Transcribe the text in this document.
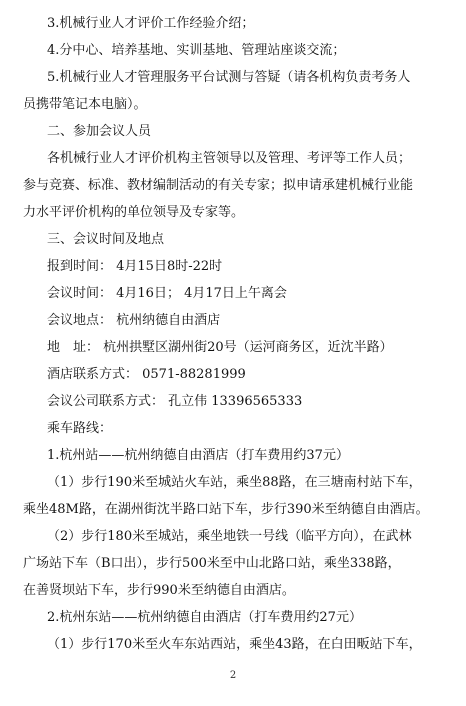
3.机械行业人才评价工作经验介绍；
4.分中心、培养基地、实训基地、管理站座谈交流；
5.机械行业人才管理服务平台试测与答疑（请各机构负责考务人
员携带笔记本电脑）。
二、参加会议人员
各机械行业人才评价机构主管领导以及管理、考评等工作人员；
参与竞赛、标准、教材编制活动的有关专家；拟申请承建机械行业能
力水平评价机构的单位领导及专家等。
三、会议时间及地点
报到时间： 4月15日8时-22时
会议时间： 4月16日； 4月17日上午离会
会议地点： 杭州纳德自由酒店
地　址： 杭州拱墅区湖州街20号（运河商务区，近沈半路）
酒店联系方式： 0571-88281999
会议公司联系方式： 孔立伟 13396565333
乘车路线：
1.杭州站——杭州纳德自由酒店（打车费用约37元）
（1）步行190米至城站火车站，乘坐88路，在三塘南村站下车，
乘坐48M路，在湖州街沈半路口站下车，步行390米至纳德自由酒店。
（2）步行180米至城站，乘坐地铁一号线（临平方向），在武林
广场站下车（B口出），步行500米至中山北路口站，乘坐338路，
在善贤坝站下车，步行990米至纳德自由酒店。
2.杭州东站——杭州纳德自由酒店（打车费用约27元）
（1）步行170米至火车东站西站，乘坐43路，在白田畈站下车，
2
